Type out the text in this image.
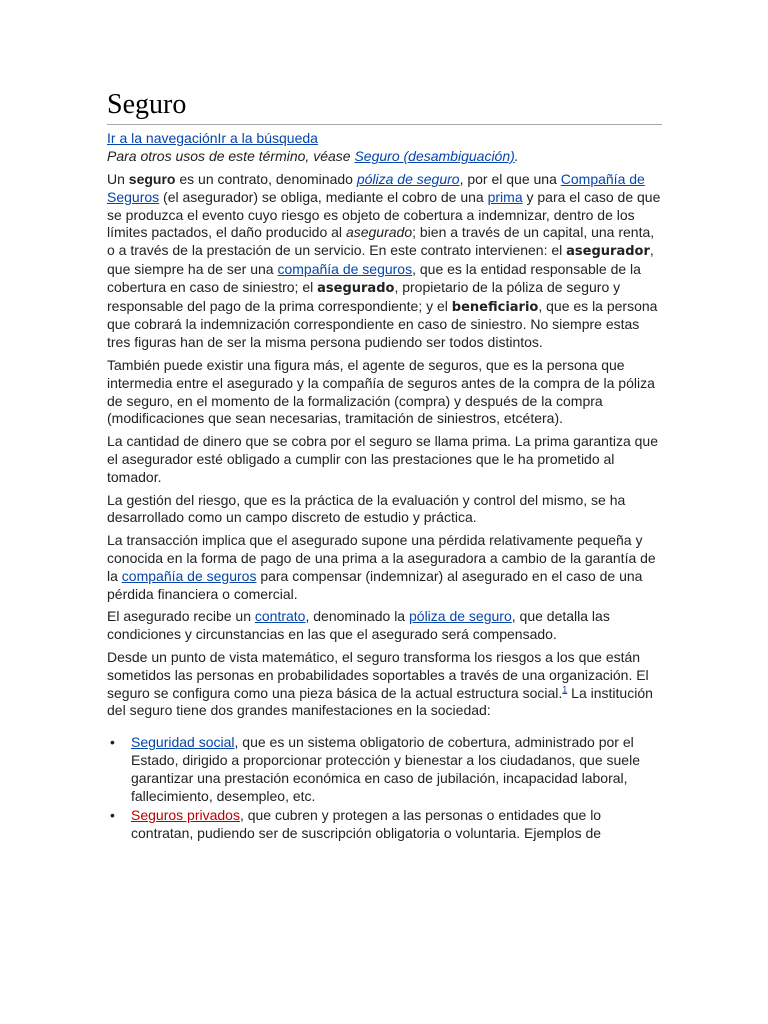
Seguro
Ir a la navegaciónIr a la búsqueda
Para otros usos de este término, véase Seguro (desambiguación).

Un seguro es un contrato, denominado póliza de seguro, por el que una Compañía de Seguros (el asegurador) se obliga, mediante el cobro de una prima y para el caso de que se produzca el evento cuyo riesgo es objeto de cobertura a indemnizar, dentro de los límites pactados, el daño producido al asegurado; bien a través de un capital, una renta, o a través de la prestación de un servicio. En este contrato intervienen: el asegurador, que siempre ha de ser una compañía de seguros, que es la entidad responsable de la cobertura en caso de siniestro; el asegurado, propietario de la póliza de seguro y responsable del pago de la prima correspondiente; y el beneficiario, que es la persona que cobrará la indemnización correspondiente en caso de siniestro. No siempre estas tres figuras han de ser la misma persona pudiendo ser todos distintos.

También puede existir una figura más, el agente de seguros, que es la persona que intermedia entre el asegurado y la compañía de seguros antes de la compra de la póliza de seguro, en el momento de la formalización (compra) y después de la compra (modificaciones que sean necesarias, tramitación de siniestros, etcétera).

La cantidad de dinero que se cobra por el seguro se llama prima. La prima garantiza que el asegurador esté obligado a cumplir con las prestaciones que le ha prometido al tomador.

La gestión del riesgo, que es la práctica de la evaluación y control del mismo, se ha desarrollado como un campo discreto de estudio y práctica.

La transacción implica que el asegurado supone una pérdida relativamente pequeña y conocida en la forma de pago de una prima a la aseguradora a cambio de la garantía de la compañía de seguros para compensar (indemnizar) al asegurado en el caso de una pérdida financiera o comercial.

El asegurado recibe un contrato, denominado la póliza de seguro, que detalla las condiciones y circunstancias en las que el asegurado será compensado.

Desde un punto de vista matemático, el seguro transforma los riesgos a los que están sometidos las personas en probabilidades soportables a través de una organización. El seguro se configura como una pieza básica de la actual estructura social.$^1$ La institución del seguro tiene dos grandes manifestaciones en la sociedad:

•	Seguridad social, que es un sistema obligatorio de cobertura, administrado por el Estado, dirigido a proporcionar protección y bienestar a los ciudadanos, que suele garantizar una prestación económica en caso de jubilación, incapacidad laboral, fallecimiento, desempleo, etc.
•	Seguros privados, que cubren y protegen a las personas o entidades que lo contratan, pudiendo ser de suscripción obligatoria o voluntaria. Ejemplos de
